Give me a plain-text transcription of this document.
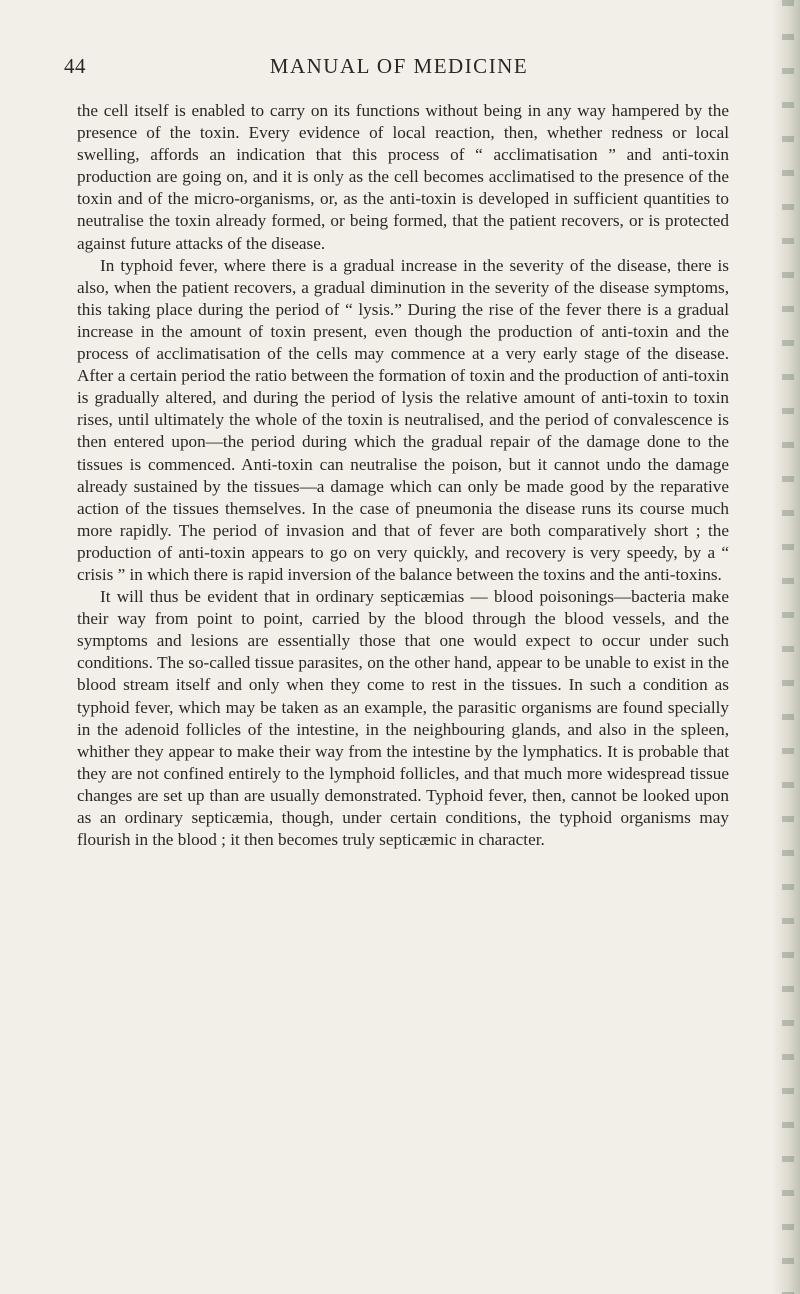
44	MANUAL OF MEDICINE

the cell itself is enabled to carry on its functions without being in any way hampered by the presence of the toxin. Every evidence of local reaction, then, whether redness or local swelling, affords an indication that this process of “ acclimatisation ” and anti-toxin production are going on, and it is only as the cell becomes acclimatised to the presence of the toxin and of the micro-organisms, or, as the anti-toxin is developed in sufficient quantities to neutralise the toxin already formed, or being formed, that the patient recovers, or is protected against future attacks of the disease.

In typhoid fever, where there is a gradual increase in the severity of the disease, there is also, when the patient recovers, a gradual diminution in the severity of the disease symptoms, this taking place during the period of “ lysis.” During the rise of the fever there is a gradual increase in the amount of toxin present, even though the production of anti-toxin and the process of acclimatisation of the cells may commence at a very early stage of the disease. After a certain period the ratio between the formation of toxin and the production of anti-toxin is gradually altered, and during the period of lysis the relative amount of anti-toxin to toxin rises, until ultimately the whole of the toxin is neutralised, and the period of convalescence is then entered upon—the period during which the gradual repair of the damage done to the tissues is commenced. Anti-toxin can neutralise the poison, but it cannot undo the damage already sustained by the tissues—a damage which can only be made good by the reparative action of the tissues themselves. In the case of pneumonia the disease runs its course much more rapidly. The period of invasion and that of fever are both comparatively short ; the production of anti-toxin appears to go on very quickly, and recovery is very speedy, by a “ crisis ” in which there is rapid inversion of the balance between the toxins and the anti-toxins.

It will thus be evident that in ordinary septicæmias — blood poisonings—bacteria make their way from point to point, carried by the blood through the blood vessels, and the symptoms and lesions are essentially those that one would expect to occur under such conditions. The so-called tissue parasites, on the other hand, appear to be unable to exist in the blood stream itself and only when they come to rest in the tissues. In such a condition as typhoid fever, which may be taken as an example, the parasitic organisms are found specially in the adenoid follicles of the intestine, in the neighbouring glands, and also in the spleen, whither they appear to make their way from the intestine by the lymphatics. It is probable that they are not confined entirely to the lymphoid follicles, and that much more widespread tissue changes are set up than are usually demonstrated. Typhoid fever, then, cannot be looked upon as an ordinary septicæmia, though, under certain conditions, the typhoid organisms may flourish in the blood ; it then becomes truly septicæmic in character.
